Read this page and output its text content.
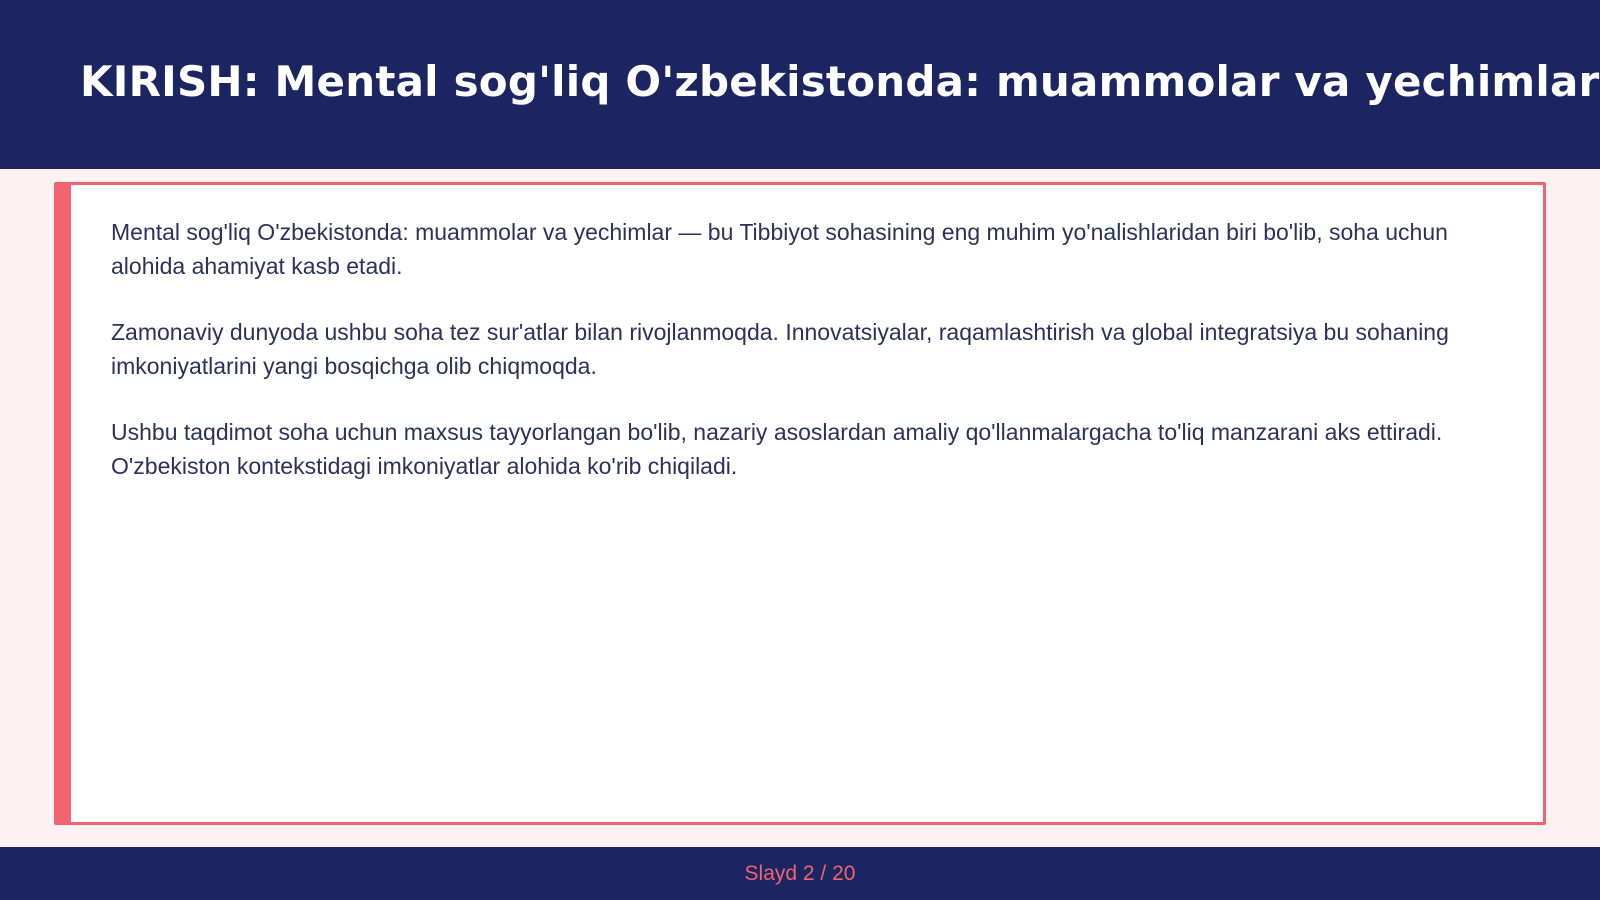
KIRISH: Mental sog'liq O'zbekistonda: muammolar va yechimlar

Mental sog'liq O'zbekistonda: muammolar va yechimlar — bu Tibbiyot sohasining eng muhim yo'nalishlaridan biri bo'lib, soha uchun alohida ahamiyat kasb etadi.

Zamonaviy dunyoda ushbu soha tez sur'atlar bilan rivojlanmoqda. Innovatsiyalar, raqamlashtirish va global integratsiya bu sohaning imkoniyatlarini yangi bosqichga olib chiqmoqda.

Ushbu taqdimot soha uchun maxsus tayyorlangan bo'lib, nazariy asoslardan amaliy qo'llanmalargacha to'liq manzarani aks ettiradi. O'zbekiston kontekstidagi imkoniyatlar alohida ko'rib chiqiladi.

Slayd 2 / 20
